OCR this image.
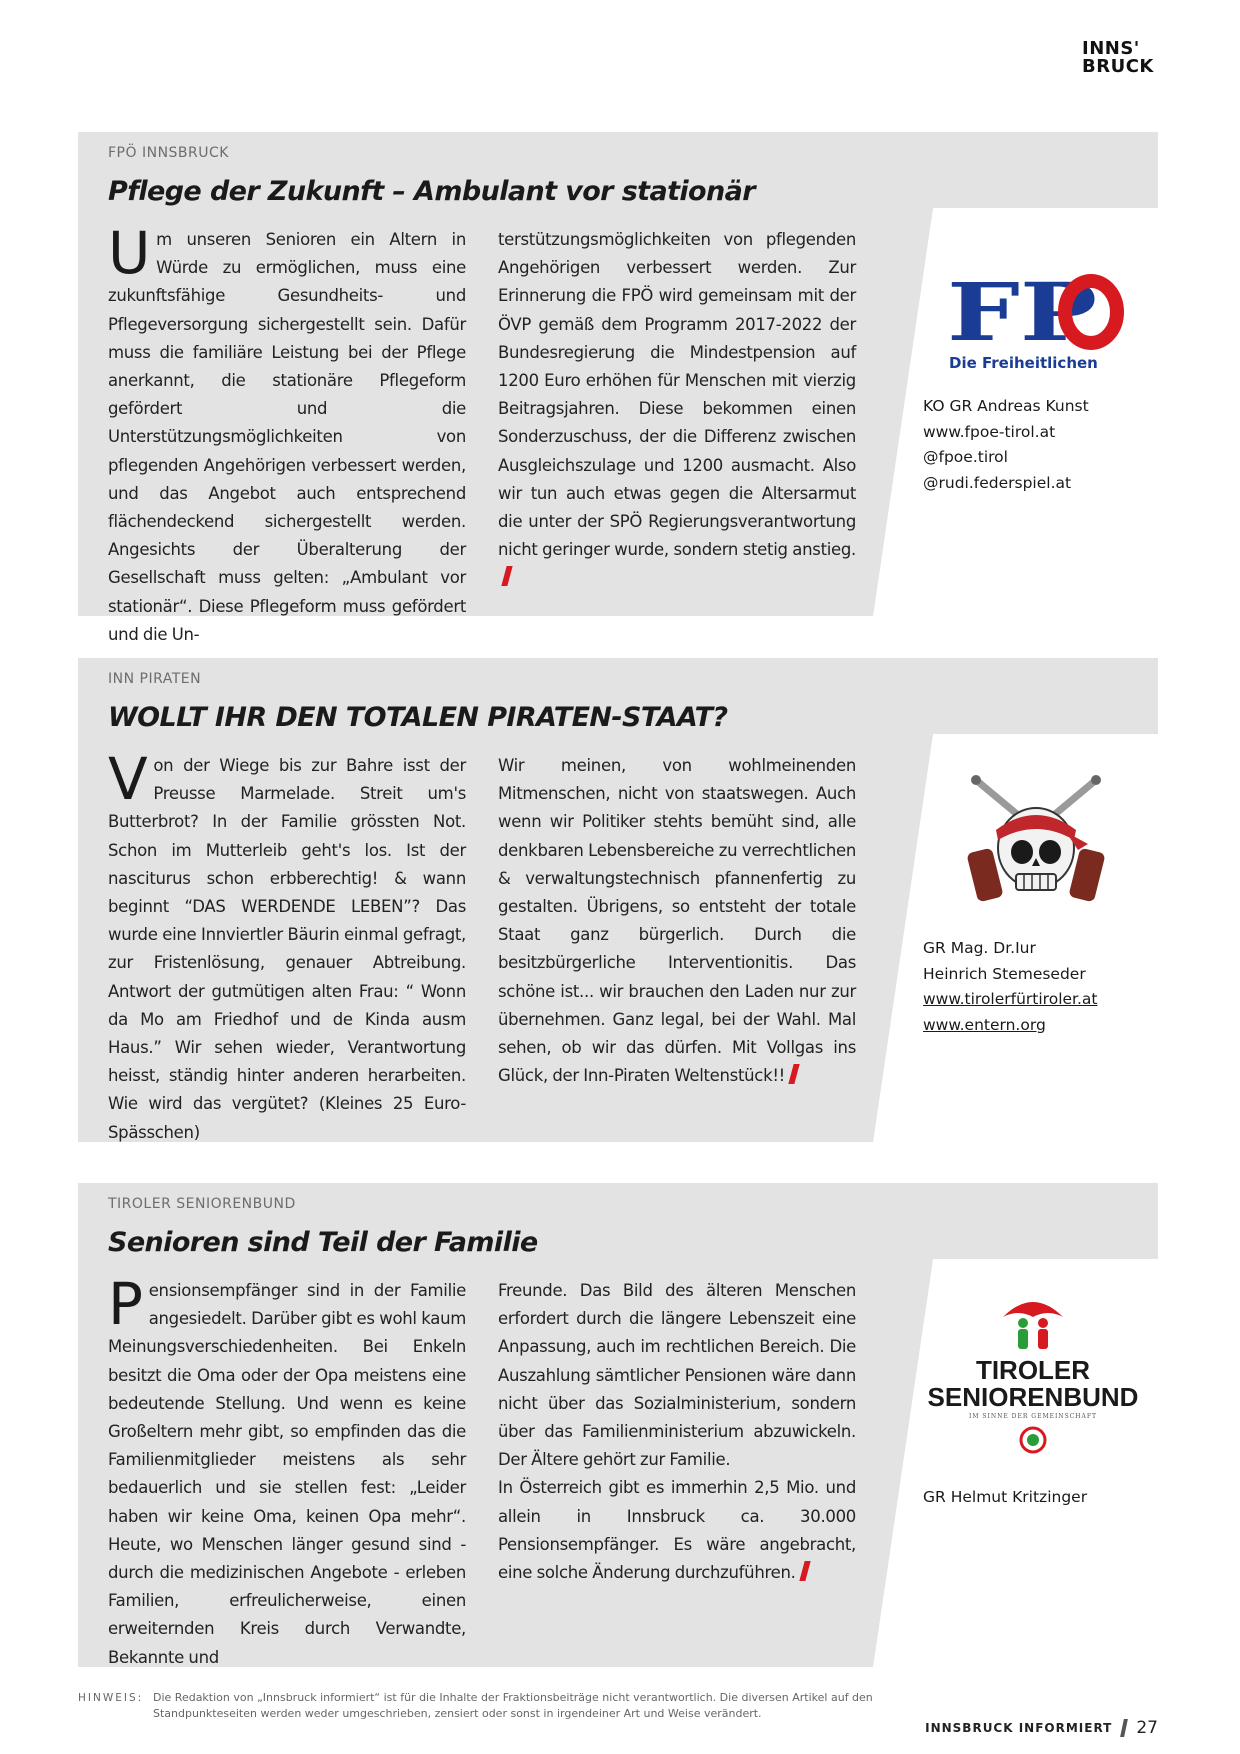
INNS'
BRUCK
FPÖ INNSBRUCK
Pflege der Zukunft – Ambulant vor stationär
Um unseren Senioren ein Altern in Würde zu ermöglichen, muss eine zukunftsfähige Gesundheits- und Pflegeversorgung sichergestellt sein. Dafür muss die familiäre Leistung bei der Pflege anerkannt, die stationäre Pflegeform gefördert und die Unterstützungsmöglichkeiten von pflegenden Angehörigen verbessert werden, und das Angebot auch entsprechend flächendeckend sichergestellt werden. Angesichts der Überalterung der Gesellschaft muss gelten: „Ambulant vor stationär“. Diese Pflegeform muss gefördert und die Un-
terstützungsmöglichkeiten von pflegenden Angehörigen verbessert werden. Zur Erinnerung die FPÖ wird gemeinsam mit der ÖVP gemäß dem Programm 2017-2022 der Bundesregierung die Mindestpension auf 1200 Euro erhöhen für Menschen mit vierzig Beitragsjahren. Diese bekommen einen Sonderzuschuss, der die Differenz zwischen Ausgleichszulage und 1200 ausmacht. Also wir tun auch etwas gegen die Altersarmut die unter der SPÖ Regierungsverantwortung nicht geringer wurde, sondern stetig anstieg.
FP
Die Freiheitlichen
KO GR Andreas Kunst
www.fpoe-tirol.at
@fpoe.tirol
@rudi.federspiel.at
INN PIRATEN
WOLLT IHR DEN TOTALEN PIRATEN-STAAT?
Von der Wiege bis zur Bahre isst der Preusse Marmelade. Streit um's Butterbrot? In der Familie grössten Not. Schon im Mutterleib geht's los. Ist der nasciturus schon erbberechtig! & wann beginnt “DAS WERDENDE LEBEN”? Das wurde eine Innviertler Bäurin einmal gefragt, zur Fristenlösung, genauer Abtreibung. Antwort der gutmütigen alten Frau: “ Wonn da Mo am Friedhof und de Kinda ausm Haus.” Wir sehen wieder, Verantwortung heisst, ständig hinter anderen herarbeiten. Wie wird das vergütet? (Kleines 25 Euro-Spässchen)
Wir meinen, von wohlmeinenden Mitmenschen, nicht von staatswegen. Auch wenn wir Politiker stehts bemüht sind, alle denkbaren Lebensbereiche zu verrechtlichen & verwaltungstechnisch pfannenfertig zu gestalten. Übrigens, so entsteht der totale Staat ganz bürgerlich. Durch die besitzbürgerliche Interventionitis. Das schöne ist... wir brauchen den Laden nur zur übernehmen. Ganz legal, bei der Wahl. Mal sehen, ob wir das dürfen. Mit Vollgas ins Glück, der Inn-Piraten Weltenstück!!
GR Mag. Dr.Iur
Heinrich Stemeseder
www.tirolerfürtiroler.at
www.entern.org
TIROLER SENIORENBUND
Senioren sind Teil der Familie
Pensionsempfänger sind in der Familie angesiedelt. Darüber gibt es wohl kaum Meinungsverschiedenheiten. Bei Enkeln besitzt die Oma oder der Opa meistens eine bedeutende Stellung. Und wenn es keine Großeltern mehr gibt, so empfinden das die Familienmitglieder meistens als sehr bedauerlich und sie stellen fest: „Leider haben wir keine Oma, keinen Opa mehr“. Heute, wo Menschen länger gesund sind - durch die medizinischen Angebote - erleben Familien, erfreulicherweise, einen erweiternden Kreis durch Verwandte, Bekannte und

Freunde. Das Bild des älteren Menschen erfordert durch die längere Lebenszeit eine Anpassung, auch im rechtlichen Bereich. Die Auszahlung sämtlicher Pensionen wäre dann nicht über das Sozialministerium, sondern über das Familienministerium abzuwickeln. Der Ältere gehört zur Familie.

In Österreich gibt es immerhin 2,5 Mio. und allein in Innsbruck ca. 30.000 Pensionsempfänger. Es wäre angebracht, eine solche Änderung durchzuführen.

TIROLER
SENIORENBUND
IM SINNE DER GEMEINSCHAFT
GR Helmut Kritzinger
HINWEIS: Die Redaktion von „Innsbruck informiert“ ist für die Inhalte der Fraktionsbeiträge nicht verantwortlich. Die diversen Artikel auf den Standpunkteseiten werden weder umgeschrieben, zensiert oder sonst in irgendeiner Art und Weise verändert.
INNSBRUCK INFORMIERT 27
